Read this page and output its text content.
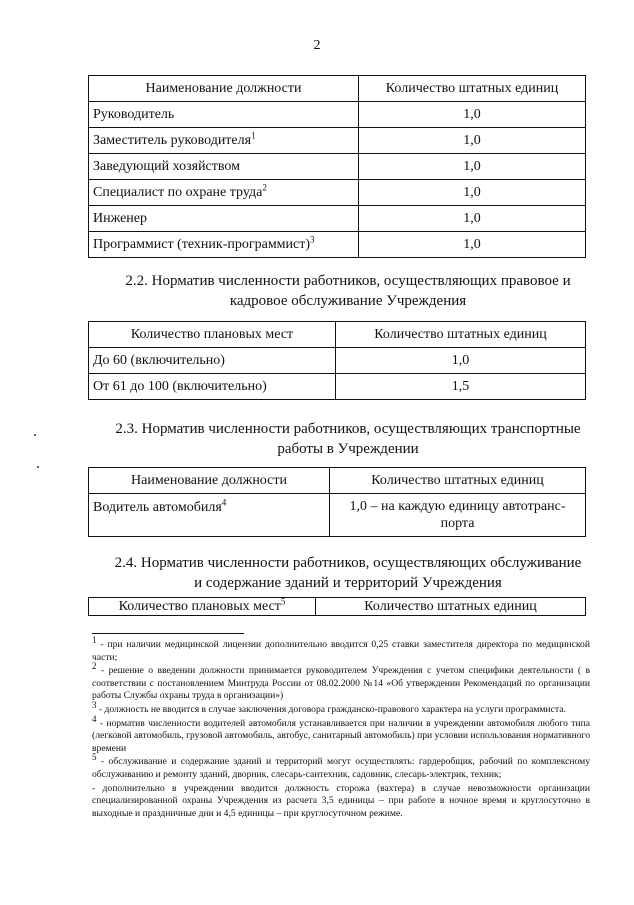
2
Наименование должности	Количество штатных единиц
Руководитель	1,0
Заместитель руководителя$^1$	1,0
Заведующий хозяйством	1,0
Специалист по охране труда$^2$	1,0
Инженер	1,0
Программист (техник-программист)$^3$	1,0
2.2. Норматив численности работников, осуществляющих правовое и
кадровое обслуживание Учреждения
Количество плановых мест	Количество штатных единиц
До 60 (включительно)	1,0
От 61 до 100 (включительно)	1,5
2.3. Норматив численности работников, осуществляющих транспортные
работы в Учреждении
Наименование должности	Количество штатных единиц
Водитель автомобиля$^4$	1,0 – на каждую единицу автотранс-
порта
2.4. Норматив численности работников, осуществляющих обслуживание
и содержание зданий и территорий Учреждения
Количество плановых мест$^5$	Количество штатных единиц

$^1$ - при наличии медицинской лицензии дополнительно вводится 0,25 ставки заместителя директора по медицинской части;

$^2$ - решение о введении должности принимается руководителем Учреждения с учетом специфики деятельности ( в соответствии с постановлением Минтруда России от 08.02.2000 №14 «Об утверждении Рекомендаций по организации работы Службы охраны труда в организации»)

$^3$ - должность не вводится в случае заключения договора гражданско-правового характера на услуги программиста.

$^4$ - норматив численности водителей автомобиля устанавливается при наличии в учреждении автомобиля любого типа (легковой автомобиль, грузовой автомобиль, автобус, санитарный автомобиль) при условии использования нормативного времени

$^5$ - обслуживание и содержание зданий и территорий могут осуществлять: гардеробщик, рабочий по комплексному обслуживанию и ремонту зданий, дворник, слесарь-сантехник, садовник, слесарь-электрик, техник;

- дополнительно в учреждении вводится должность сторожа (вахтера) в случае невозможности организации специализированной охраны Учреждения из расчета 3,5 единицы – при работе в ночное время и круглосуточно в выходные и праздничные дни и 4,5 единицы – при круглосуточном режиме.
